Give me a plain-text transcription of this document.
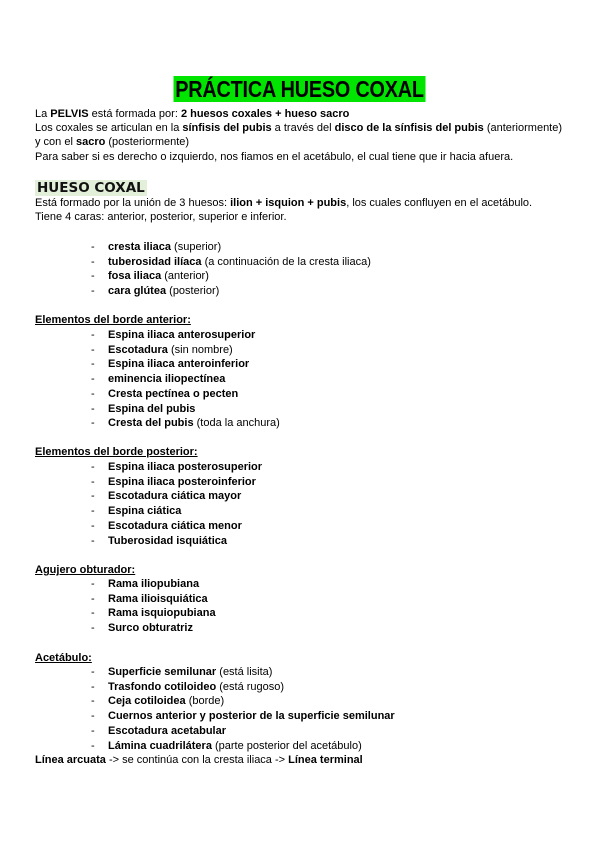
PRÁCTICA HUESO COXAL
La PELVIS está formada por: 2 huesos coxales + hueso sacro
Los coxales se articulan en la sínfisis del pubis a través del disco de la sínfisis del pubis (anteriormente)
y con el sacro (posteriormente)
Para saber si es derecho o izquierdo, nos fiamos en el acetábulo, el cual tiene que ir hacia afuera.
HUESO COXAL
Está formado por la unión de 3 huesos: ilion + isquion + pubis, los cuales confluyen en el acetábulo.
Tiene 4 caras: anterior, posterior, superior e inferior.
- cresta iliaca (superior)
- tuberosidad ilíaca (a continuación de la cresta iliaca)
- fosa iliaca (anterior)
- cara glútea (posterior)
Elementos del borde anterior:
- Espina iliaca anterosuperior
- Escotadura (sin nombre)
- Espina iliaca anteroinferior
- eminencia iliopectínea
- Cresta pectínea o pecten
- Espina del pubis
- Cresta del pubis (toda la anchura)
Elementos del borde posterior:
- Espina iliaca posterosuperior
- Espina iliaca posteroinferior
- Escotadura ciática mayor
- Espina ciática
- Escotadura ciática menor
- Tuberosidad isquiática
Agujero obturador:
- Rama iliopubiana
- Rama ilioisquiática
- Rama isquiopubiana
- Surco obturatriz
Acetábulo:
- Superficie semilunar (está lisita)
- Trasfondo cotiloideo (está rugoso)
- Ceja cotiloidea (borde)
- Cuernos anterior y posterior de la superficie semilunar
- Escotadura acetabular
- Lámina cuadrilátera (parte posterior del acetábulo)
Línea arcuata -> se continúa con la cresta iliaca -> Línea terminal
